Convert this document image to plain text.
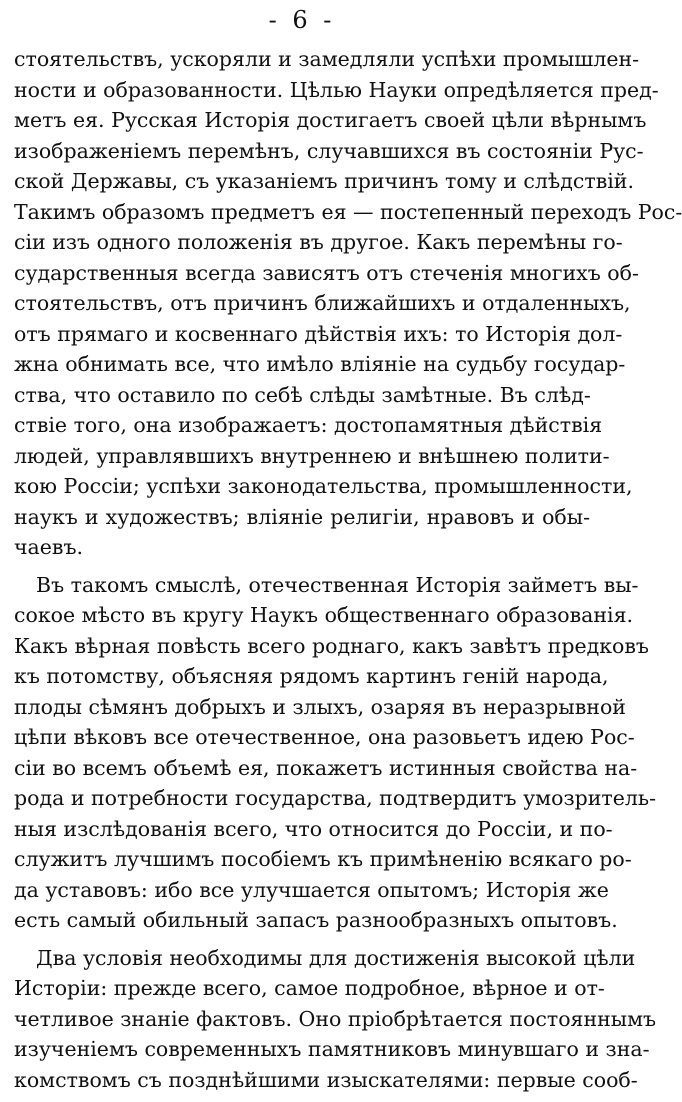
- 6 -
стоятельствъ, ускоряли и замедляли успѣхи промышлен-
ности и образованности. Цѣлью Науки опредѣляется пред-
метъ ея. Русская Исторія достигаетъ своей цѣли вѣрнымъ
изображеніемъ перемѣнъ, случавшихся въ состояніи Рус-
ской Державы, съ указаніемъ причинъ тому и слѣдствій.
Такимъ образомъ предметъ ея — постепенный переходъ Рос-
сіи изъ одного положенія въ другое. Какъ перемѣны го-
сударственныя всегда зависятъ отъ стеченія многихъ об-
стоятельствъ, отъ причинъ ближайшихъ и отдаленныхъ,
отъ прямаго и косвеннаго дѣйствія ихъ: то Исторія дол-
жна обнимать все, что имѣло вліяніе на судьбу государ-
ства, что оставило по себѣ слѣды замѣтные. Въ слѣд-
ствіе того, она изображаетъ: достопамятныя дѣйствія
людей, управлявшихъ внутреннею и внѣшнею полити-
кою Россіи; успѣхи законодательства, промышленности,
наукъ и художествъ; вліяніе религіи, нравовъ и обы-
чаевъ.
Въ такомъ смыслѣ, отечественная Исторія займетъ вы-
сокое мѣсто въ кругу Наукъ общественнаго образованія.
Какъ вѣрная повѣсть всего роднаго, какъ завѣтъ предковъ
къ потомству, объясняя рядомъ картинъ геній народа,
плоды сѣмянъ добрыхъ и злыхъ, озаряя въ неразрывной
цѣпи вѣковъ все отечественное, она разовьетъ идею Рос-
сіи во всемъ объемѣ ея, покажетъ истинныя свойства на-
рода и потребности государства, подтвердитъ умозритель-
ныя изслѣдованія всего, что относится до Россіи, и по-
служитъ лучшимъ пособіемъ къ примѣненію всякаго ро-
да уставовъ: ибо все улучшается опытомъ; Исторія же
есть самый обильный запасъ разнообразныхъ опытовъ.
Два условія необходимы для достиженія высокой цѣли
Исторіи: прежде всего, самое подробное, вѣрное и от-
четливое знаніе фактовъ. Оно пріобрѣтается постояннымъ
изученіемъ современныхъ памятниковъ минувшаго и зна-
комствомъ съ позднѣйшими изыскателями: первые сооб-
